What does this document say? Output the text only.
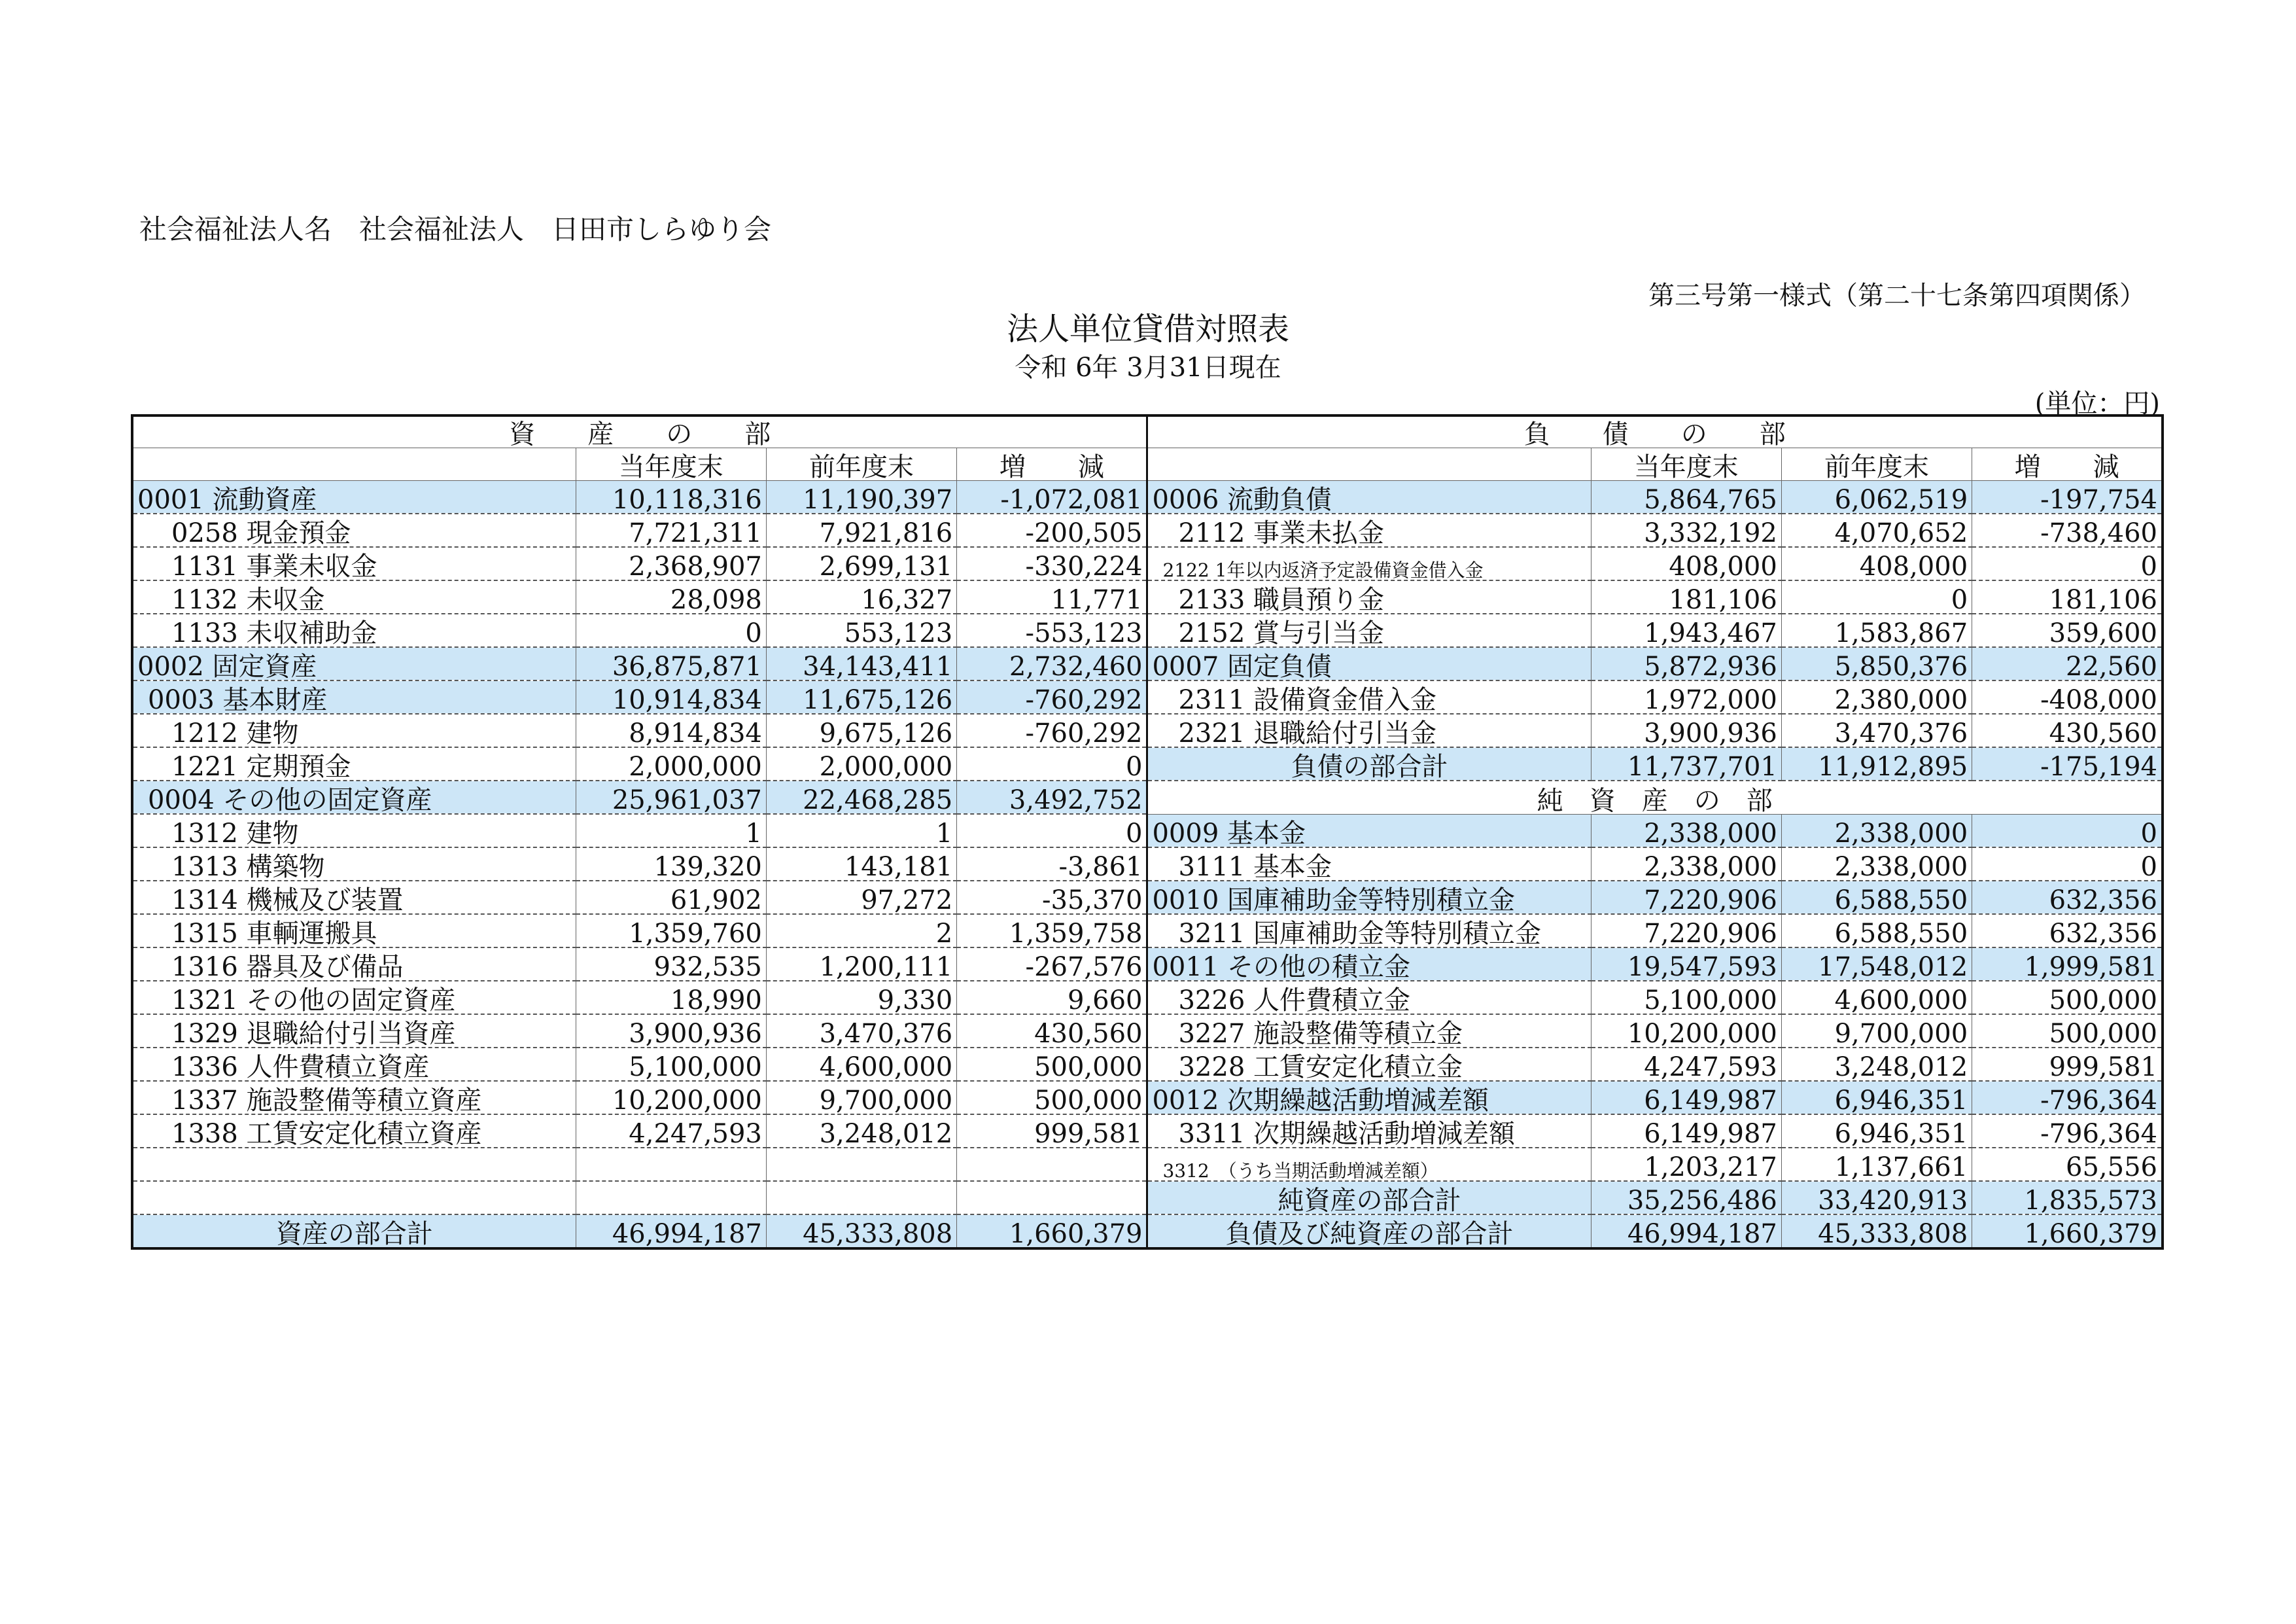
社会福祉法人名　社会福祉法人　日田市しらゆり会
第三号第一様式（第二十七条第四項関係）
法人単位貸借対照表
令和 6年 3月31日現在
(単位：円)
資　　産　　の　　部				負　　債　　の　　部			
	当年度末	前年度末	増　　減		当年度末	前年度末	増　　減
0001 流動資産	10,118,316	11,190,397	-1,072,081	0006 流動負債	5,864,765	6,062,519	-197,754
0258 現金預金	7,721,311	7,921,816	-200,505	2112 事業未払金	3,332,192	4,070,652	-738,460
1131 事業未収金	2,368,907	2,699,131	-330,224	2122 1年以内返済予定設備資金借入金	408,000	408,000	0
1132 未収金	28,098	16,327	11,771	2133 職員預り金	181,106	0	181,106
1133 未収補助金	0	553,123	-553,123	2152 賞与引当金	1,943,467	1,583,867	359,600
0002 固定資産	36,875,871	34,143,411	2,732,460	0007 固定負債	5,872,936	5,850,376	22,560
0003 基本財産	10,914,834	11,675,126	-760,292	2311 設備資金借入金	1,972,000	2,380,000	-408,000
1212 建物	8,914,834	9,675,126	-760,292	2321 退職給付引当金	3,900,936	3,470,376	430,560
1221 定期預金	2,000,000	2,000,000	0	負債の部合計	11,737,701	11,912,895	-175,194
0004 その他の固定資産	25,961,037	22,468,285	3,492,752	純　資　産　の　部			
1312 建物	1	1	0	0009 基本金	2,338,000	2,338,000	0
1313 構築物	139,320	143,181	-3,861	3111 基本金	2,338,000	2,338,000	0
1314 機械及び装置	61,902	97,272	-35,370	0010 国庫補助金等特別積立金	7,220,906	6,588,550	632,356
1315 車輌運搬具	1,359,760	2	1,359,758	3211 国庫補助金等特別積立金	7,220,906	6,588,550	632,356
1316 器具及び備品	932,535	1,200,111	-267,576	0011 その他の積立金	19,547,593	17,548,012	1,999,581
1321 その他の固定資産	18,990	9,330	9,660	3226 人件費積立金	5,100,000	4,600,000	500,000
1329 退職給付引当資産	3,900,936	3,470,376	430,560	3227 施設整備等積立金	10,200,000	9,700,000	500,000
1336 人件費積立資産	5,100,000	4,600,000	500,000	3228 工賃安定化積立金	4,247,593	3,248,012	999,581
1337 施設整備等積立資産	10,200,000	9,700,000	500,000	0012 次期繰越活動増減差額	6,149,987	6,946,351	-796,364
1338 工賃安定化積立資産	4,247,593	3,248,012	999,581	3311 次期繰越活動増減差額	6,149,987	6,946,351	-796,364
				3312　（うち当期活動増減差額）	1,203,217	1,137,661	65,556
				純資産の部合計	35,256,486	33,420,913	1,835,573
資産の部合計	46,994,187	45,333,808	1,660,379	負債及び純資産の部合計	46,994,187	45,333,808	1,660,379
